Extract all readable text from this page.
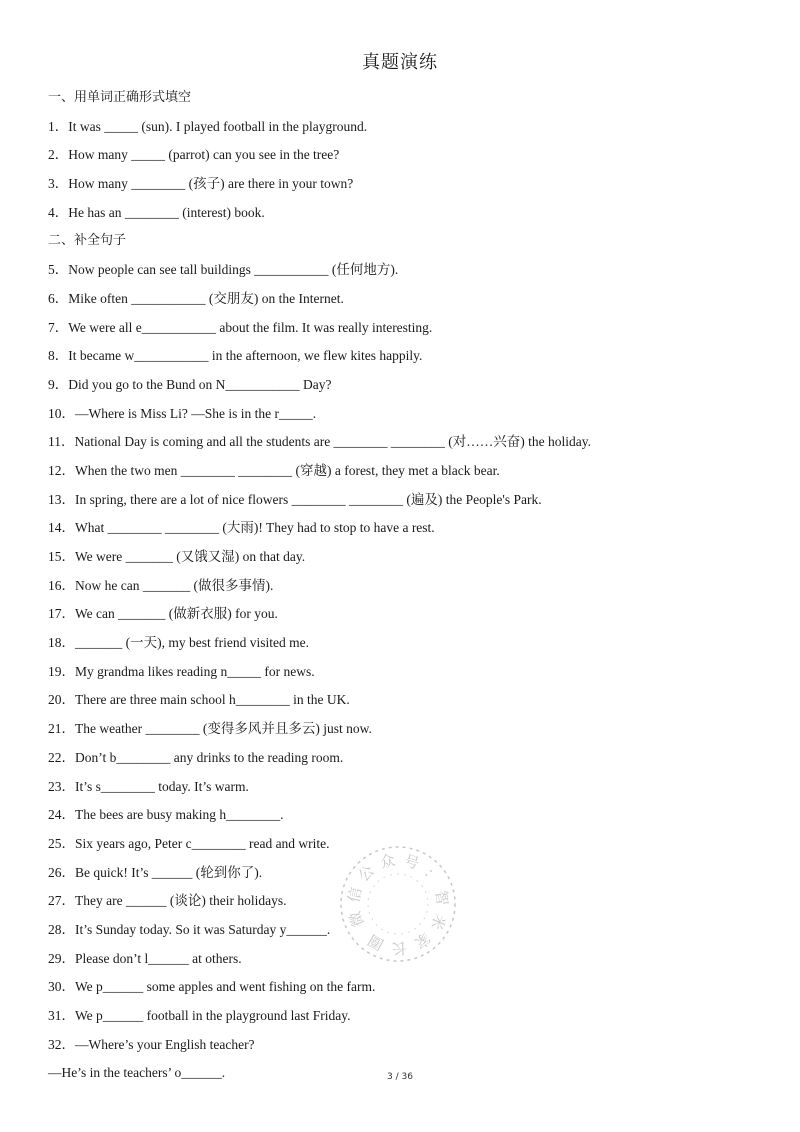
真题演练
一、用单词正确形式填空
1．It was _____ (sun). I played football in the playground.
2．How many _____ (parrot) can you see in the tree?
3．How many ________ (孩子) are there in your town?
4．He has an ________ (interest) book.
二、补全句子
5．Now people can see tall buildings ___________ (任何地方).
6．Mike often ___________ (交朋友) on the Internet.
7．We were all e___________ about the film. It was really interesting.
8．It became w___________ in the afternoon, we flew kites happily.
9．Did you go to the Bund on N___________ Day?
10．—Where is Miss Li? —She is in the r_____.
11．National Day is coming and all the students are ________ ________ (对……兴奋) the holiday.
12．When the two men ________ ________ (穿越) a forest, they met a black bear.
13．In spring, there are a lot of nice flowers ________ ________ (遍及) the People's Park.
14．What ________ ________ (大雨)! They had to stop to have a rest.
15．We were _______ (又饿又湿) on that day.
16．Now he can _______ (做很多事情).
17．We can _______ (做新衣服) for you.
18．_______ (一天), my best friend visited me.
19．My grandma likes reading n_____ for news.
20．There are three main school h________ in the UK.
21．The weather ________ (变得多风并且多云) just now.
22．Don’t b________ any drinks to the reading room.
23．It’s s________ today. It’s warm.
24．The bees are busy making h________.
25．Six years ago, Peter c________ read and write.
26．Be quick! It’s ______ (轮到你了).
27．They are ______ (谈论) their holidays.
28．It’s Sunday today. So it was Saturday y______.
29．Please don’t l______ at others.
30．We p______ some apples and went fishing on the farm.
31．We p______ football in the playground last Friday.
32．—Where’s your English teacher?
—He’s in the teachers’ o______.
微
信
公
众 号
：
智
米
家
长
圈
3 / 36
